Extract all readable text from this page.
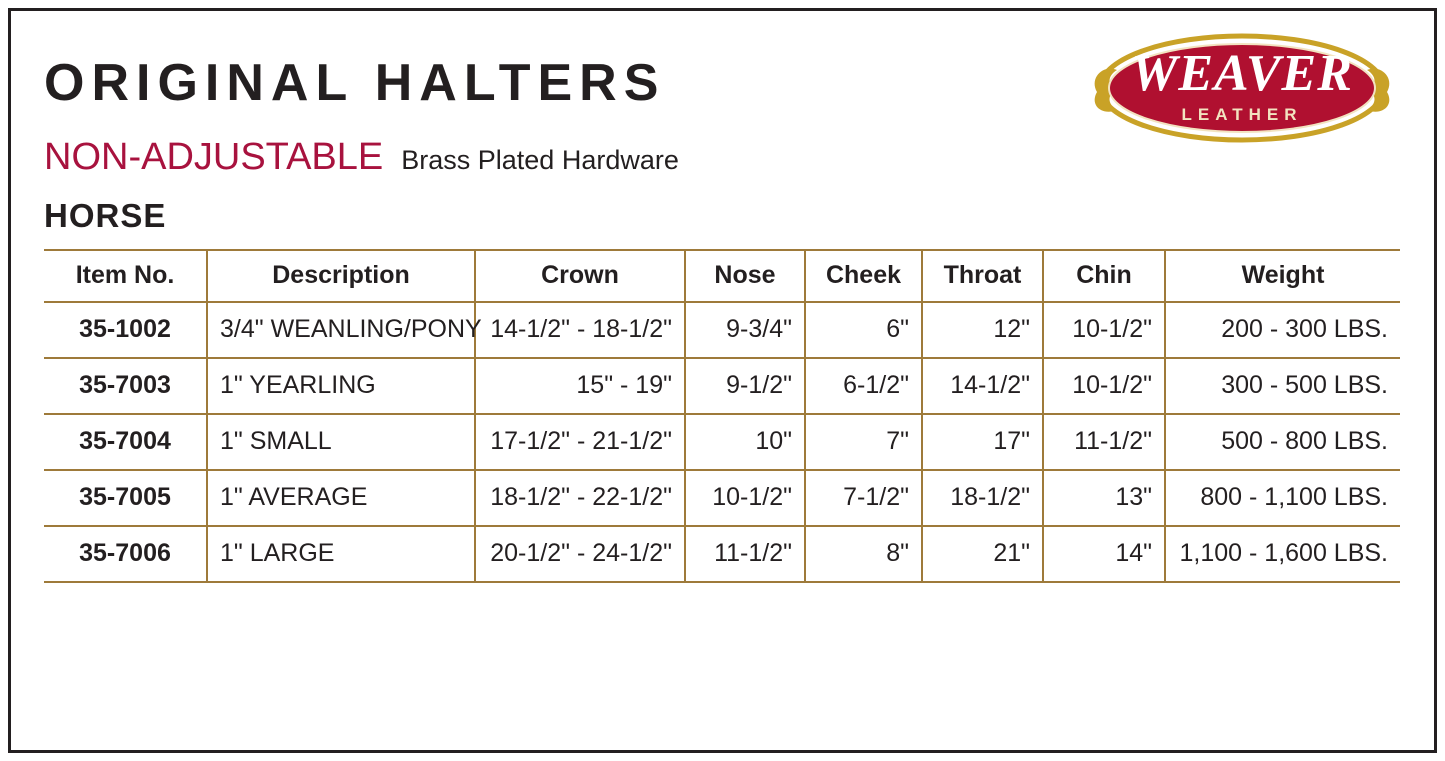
ORIGINAL HALTERS
NON-ADJUSTABLE Brass Plated Hardware
HORSE
Item No.	Description	Crown	Nose	Cheek	Throat	Chin	Weight
35-1002	3/4" WEANLING/PONY	14-1/2" - 18-1/2"	9-3/4"	6"	12"	10-1/2"	200 - 300 LBS.
35-7003	1" YEARLING	15" - 19"	9-1/2"	6-1/2"	14-1/2"	10-1/2"	300 - 500 LBS.
35-7004	1" SMALL	17-1/2" - 21-1/2"	10"	7"	17"	11-1/2"	500 - 800 LBS.
35-7005	1" AVERAGE	18-1/2" - 22-1/2"	10-1/2"	7-1/2"	18-1/2"	13"	800 - 1,100 LBS.
35-7006	1" LARGE	20-1/2" - 24-1/2"	11-1/2"	8"	21"	14"	1,100 - 1,600 LBS.
WEAVER
LEATHER
